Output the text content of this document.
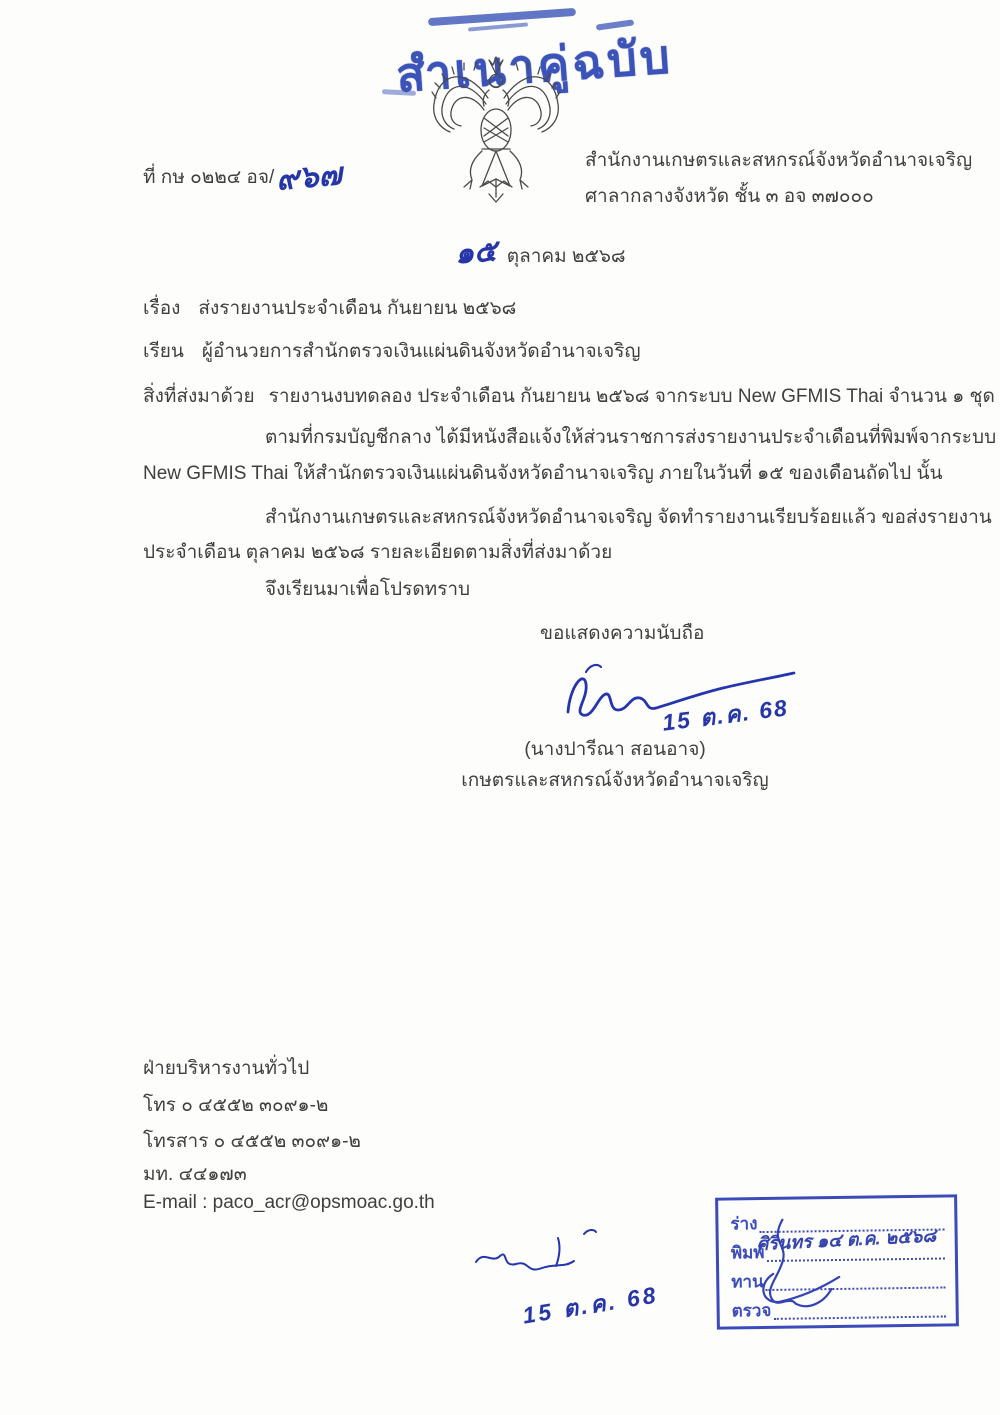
สำเนาคู่ฉบับ
ที่ กษ ๐๒๒๔ อจ/๙๖๗	สำนักงานเกษตรและสหกรณ์จังหวัดอำนาจเจริญ
ศาลากลางจังหวัด ชั้น ๓ อจ ๓๗๐๐๐
๑๕ ตุลาคม ๒๕๖๘
เรื่อง ส่งรายงานประจำเดือน กันยายน ๒๕๖๘
เรียน ผู้อำนวยการสำนักตรวจเงินแผ่นดินจังหวัดอำนาจเจริญ
สิ่งที่ส่งมาด้วย รายงานงบทดลอง ประจำเดือน กันยายน ๒๕๖๘ จากระบบ New GFMIS Thai จำนวน ๑ ชุด
ตามที่กรมบัญชีกลาง ได้มีหนังสือแจ้งให้ส่วนราชการส่งรายงานประจำเดือนที่พิมพ์จากระบบ
New GFMIS Thai ให้สำนักตรวจเงินแผ่นดินจังหวัดอำนาจเจริญ ภายในวันที่ ๑๕ ของเดือนถัดไป นั้น
สำนักงานเกษตรและสหกรณ์จังหวัดอำนาจเจริญ จัดทำรายงานเรียบร้อยแล้ว ขอส่งรายงาน
ประจำเดือน ตุลาคม ๒๕๖๘ รายละเอียดตามสิ่งที่ส่งมาด้วย
จึงเรียนมาเพื่อโปรดทราบ
ขอแสดงความนับถือ
15 ต.ค. 68
(นางปารีณา สอนอาจ)
เกษตรและสหกรณ์จังหวัดอำนาจเจริญ
ฝ่ายบริหารงานทั่วไป
โทร ๐ ๔๕๕๒ ๓๐๙๑-๒
โทรสาร ๐ ๔๕๕๒ ๓๐๙๑-๒
มท. ๔๔๑๗๓
E-mail : paco_acr@opsmoac.go.th
15 ต.ค. 68
ร่าง
พิมพ์
ทาน
ตรวจ
ศิรินทร ๑๔ ต.ค. ๒๕๖๘
